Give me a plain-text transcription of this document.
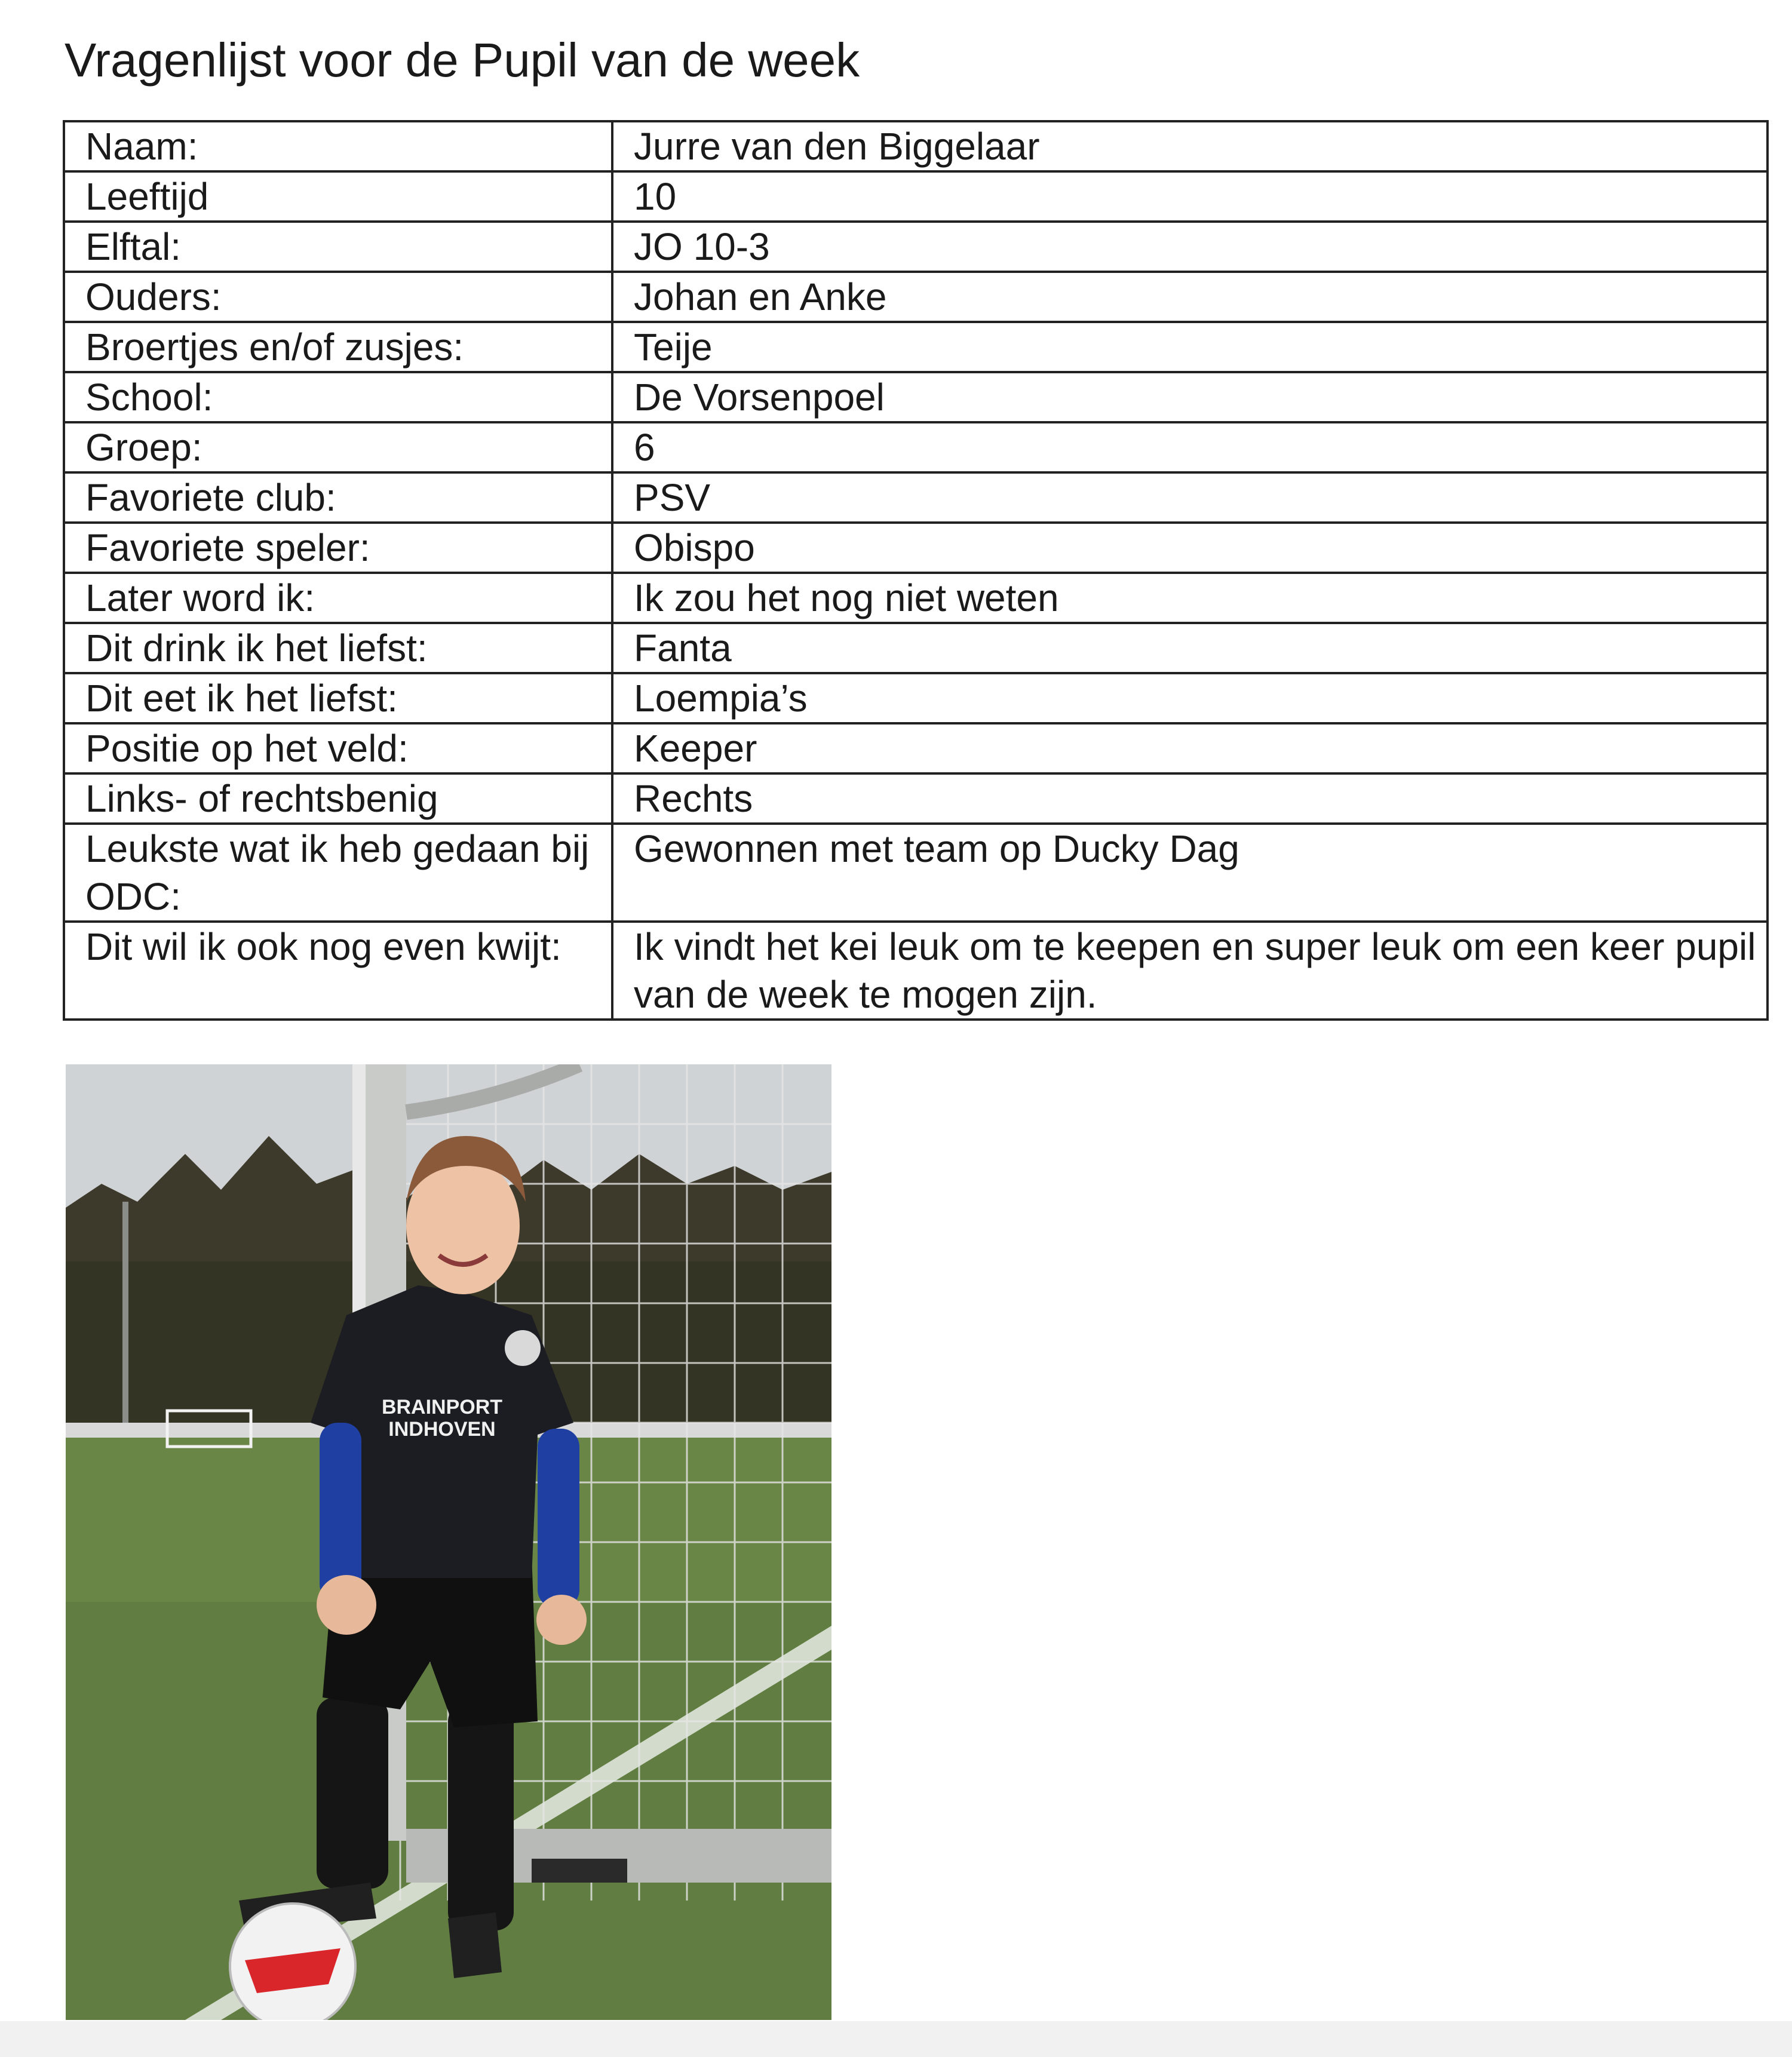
Vragenlijst voor de Pupil van de week
Naam:	Jurre van den Biggelaar
Leeftijd	10
Elftal:	JO 10-3
Ouders:	Johan en Anke
Broertjes en/of zusjes:	Teije
School:	De Vorsenpoel
Groep:	6
Favoriete club:	PSV
Favoriete speler:	Obispo
Later word ik:	Ik zou het nog niet weten
Dit drink ik het liefst:	Fanta
Dit eet ik het liefst:	Loempia’s
Positie op het veld:	Keeper
Links- of rechtsbenig	Rechts
Leukste wat ik heb gedaan bij ODC:	Gewonnen met team op Ducky Dag
Dit wil ik ook nog even kwijt:	Ik vindt het kei leuk om te keepen en super leuk om een keer pupil van de week te mogen zijn.
BRAINPORT
INDHOVEN
